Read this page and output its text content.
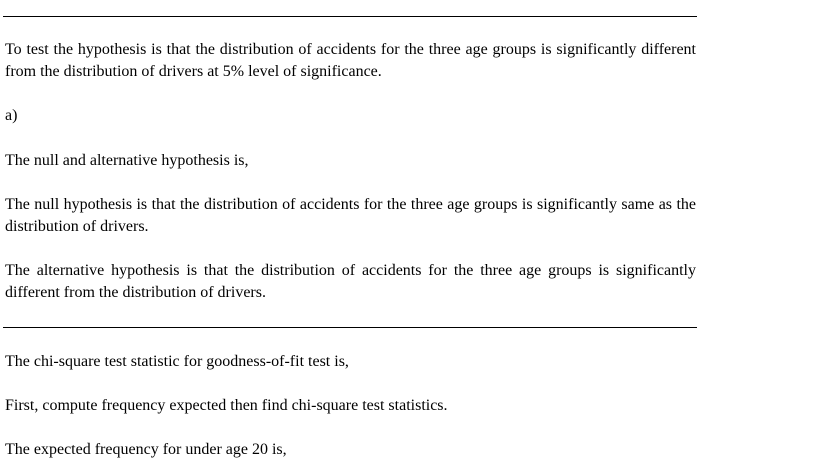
To test the hypothesis is that the distribution of accidents for the three age groups is significantly different from the distribution of drivers at 5% level of significance.

a)

The null and alternative hypothesis is,

The null hypothesis is that the distribution of accidents for the three age groups is significantly same as the distribution of drivers.

The alternative hypothesis is that the distribution of accidents for the three age groups is significantly different from the distribution of drivers.

The chi-square test statistic for goodness-of-fit test is,

First, compute frequency expected then find chi-square test statistics.

The expected frequency for under age 20 is,
